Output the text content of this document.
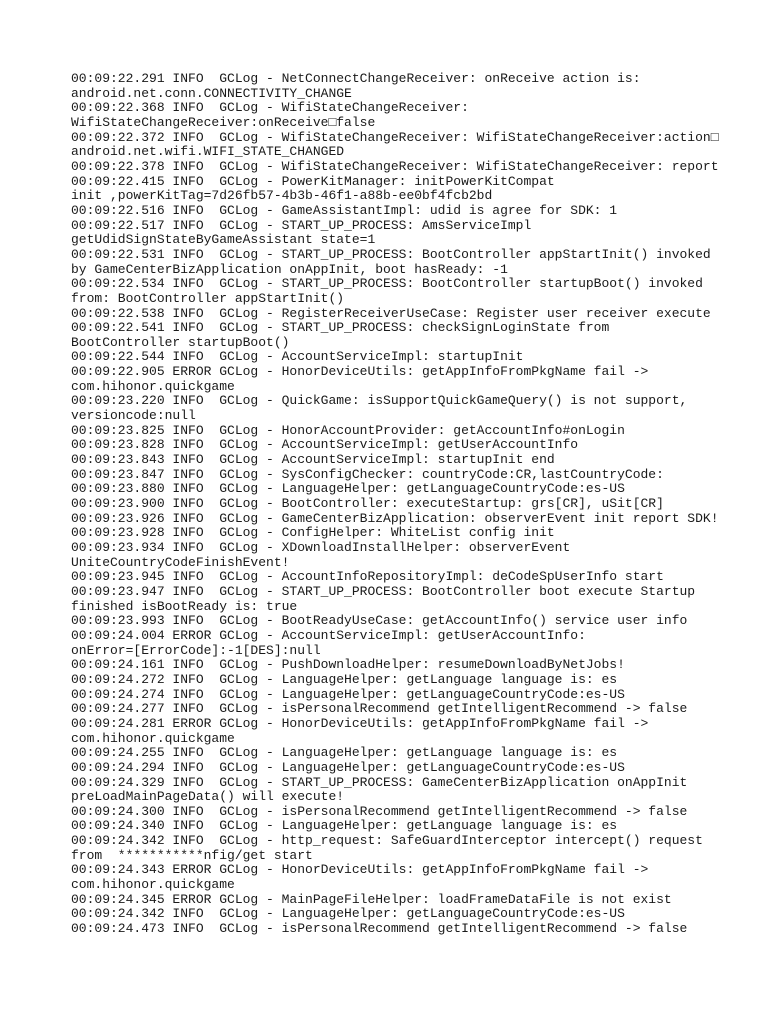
00:09:22.291 INFO  GCLog - NetConnectChangeReceiver: onReceive action is:
android.net.conn.CONNECTIVITY_CHANGE
00:09:22.368 INFO  GCLog - WifiStateChangeReceiver:
WifiStateChangeReceiver:onReceive□false
00:09:22.372 INFO  GCLog - WifiStateChangeReceiver: WifiStateChangeReceiver:action□
android.net.wifi.WIFI_STATE_CHANGED
00:09:22.378 INFO  GCLog - WifiStateChangeReceiver: WifiStateChangeReceiver: report
00:09:22.415 INFO  GCLog - PowerKitManager: initPowerKitCompat
init ,powerKitTag=7d26fb57-4b3b-46f1-a88b-ee0bf4fcb2bd
00:09:22.516 INFO  GCLog - GameAssistantImpl: udid is agree for SDK: 1
00:09:22.517 INFO  GCLog - START_UP_PROCESS: AmsServiceImpl
getUdidSignStateByGameAssistant state=1
00:09:22.531 INFO  GCLog - START_UP_PROCESS: BootController appStartInit() invoked
by GameCenterBizApplication onAppInit, boot hasReady: -1
00:09:22.534 INFO  GCLog - START_UP_PROCESS: BootController startupBoot() invoked
from: BootController appStartInit()
00:09:22.538 INFO  GCLog - RegisterReceiverUseCase: Register user receiver execute
00:09:22.541 INFO  GCLog - START_UP_PROCESS: checkSignLoginState from
BootController startupBoot()
00:09:22.544 INFO  GCLog - AccountServiceImpl: startupInit
00:09:22.905 ERROR GCLog - HonorDeviceUtils: getAppInfoFromPkgName fail ->
com.hihonor.quickgame
00:09:23.220 INFO  GCLog - QuickGame: isSupportQuickGameQuery() is not support,
versioncode:null
00:09:23.825 INFO  GCLog - HonorAccountProvider: getAccountInfo#onLogin
00:09:23.828 INFO  GCLog - AccountServiceImpl: getUserAccountInfo
00:09:23.843 INFO  GCLog - AccountServiceImpl: startupInit end
00:09:23.847 INFO  GCLog - SysConfigChecker: countryCode:CR,lastCountryCode:
00:09:23.880 INFO  GCLog - LanguageHelper: getLanguageCountryCode:es-US
00:09:23.900 INFO  GCLog - BootController: executeStartup: grs[CR], uSit[CR]
00:09:23.926 INFO  GCLog - GameCenterBizApplication: observerEvent init report SDK!
00:09:23.928 INFO  GCLog - ConfigHelper: WhiteList config init
00:09:23.934 INFO  GCLog - XDownloadInstallHelper: observerEvent
UniteCountryCodeFinishEvent!
00:09:23.945 INFO  GCLog - AccountInfoRepositoryImpl: deCodeSpUserInfo start
00:09:23.947 INFO  GCLog - START_UP_PROCESS: BootController boot execute Startup
finished isBootReady is: true
00:09:23.993 INFO  GCLog - BootReadyUseCase: getAccountInfo() service user info
00:09:24.004 ERROR GCLog - AccountServiceImpl: getUserAccountInfo:
onError=[ErrorCode]:-1[DES]:null
00:09:24.161 INFO  GCLog - PushDownloadHelper: resumeDownloadByNetJobs!
00:09:24.272 INFO  GCLog - LanguageHelper: getLanguage language is: es
00:09:24.274 INFO  GCLog - LanguageHelper: getLanguageCountryCode:es-US
00:09:24.277 INFO  GCLog - isPersonalRecommend getIntelligentRecommend -> false
00:09:24.281 ERROR GCLog - HonorDeviceUtils: getAppInfoFromPkgName fail ->
com.hihonor.quickgame
00:09:24.255 INFO  GCLog - LanguageHelper: getLanguage language is: es
00:09:24.294 INFO  GCLog - LanguageHelper: getLanguageCountryCode:es-US
00:09:24.329 INFO  GCLog - START_UP_PROCESS: GameCenterBizApplication onAppInit
preLoadMainPageData() will execute!
00:09:24.300 INFO  GCLog - isPersonalRecommend getIntelligentRecommend -> false
00:09:24.340 INFO  GCLog - LanguageHelper: getLanguage language is: es
00:09:24.342 INFO  GCLog - http_request: SafeGuardInterceptor intercept() request
from  ***********nfig/get start
00:09:24.343 ERROR GCLog - HonorDeviceUtils: getAppInfoFromPkgName fail ->
com.hihonor.quickgame
00:09:24.345 ERROR GCLog - MainPageFileHelper: loadFrameDataFile is not exist
00:09:24.342 INFO  GCLog - LanguageHelper: getLanguageCountryCode:es-US
00:09:24.473 INFO  GCLog - isPersonalRecommend getIntelligentRecommend -> false
